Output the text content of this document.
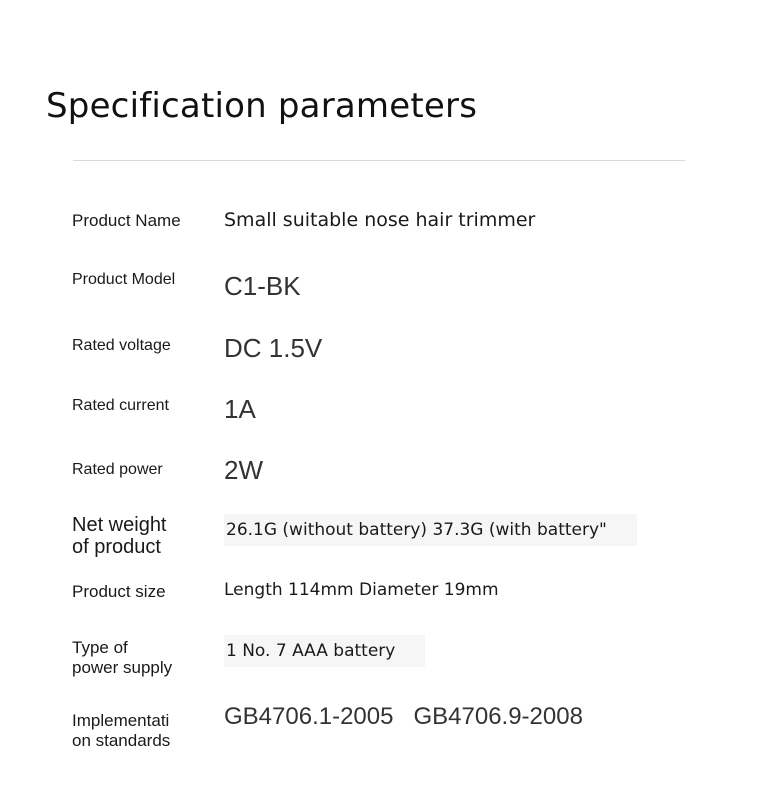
Specification parameters
Product Name Small suitable nose hair trimmer
Product Model C1-BK
Rated voltage DC 1.5V
Rated current 1A
Rated power 2W
Net weight
of product
26.1G (without battery) 37.3G (with battery"
Product size	Length 114mm Diameter 19mm
Type of
power supply
1 No. 7 AAA battery
Implementati
on standards
GB4706.1-2005   GB4706.9-2008
